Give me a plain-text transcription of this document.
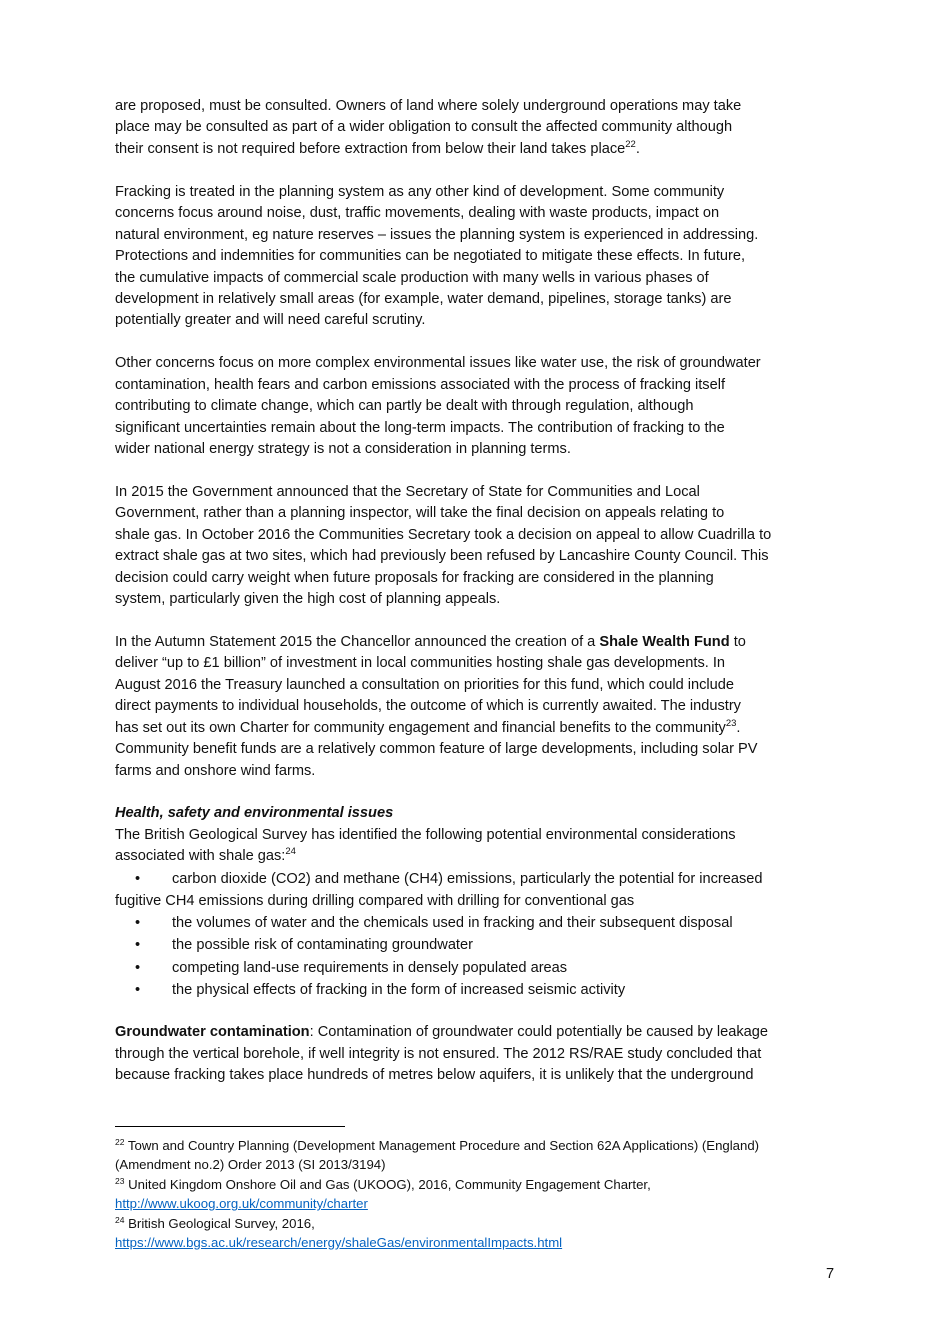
are proposed, must be consulted. Owners of land where solely underground operations may take
place may be consulted as part of a wider obligation to consult the affected community although
their consent is not required before extraction from below their land takes place$^{22}$.
Fracking is treated in the planning system as any other kind of development. Some community
concerns focus around noise, dust, traffic movements, dealing with waste products, impact on
natural environment, eg nature reserves – issues the planning system is experienced in addressing.
Protections and indemnities for communities can be negotiated to mitigate these effects. In future,
the cumulative impacts of commercial scale production with many wells in various phases of
development in relatively small areas (for example, water demand, pipelines, storage tanks) are
potentially greater and will need careful scrutiny.
Other concerns focus on more complex environmental issues like water use, the risk of groundwater
contamination, health fears and carbon emissions associated with the process of fracking itself
contributing to climate change, which can partly be dealt with through regulation, although
significant uncertainties remain about the long-term impacts. The contribution of fracking to the
wider national energy strategy is not a consideration in planning terms.
In 2015 the Government announced that the Secretary of State for Communities and Local
Government, rather than a planning inspector, will take the final decision on appeals relating to
shale gas. In October 2016 the Communities Secretary took a decision on appeal to allow Cuadrilla to
extract shale gas at two sites, which had previously been refused by Lancashire County Council. This
decision could carry weight when future proposals for fracking are considered in the planning
system, particularly given the high cost of planning appeals.
In the Autumn Statement 2015 the Chancellor announced the creation of a Shale Wealth Fund to
deliver “up to £1 billion” of investment in local communities hosting shale gas developments. In
August 2016 the Treasury launched a consultation on priorities for this fund, which could include
direct payments to individual households, the outcome of which is currently awaited. The industry
has set out its own Charter for community engagement and financial benefits to the community$^{23}$.
Community benefit funds are a relatively common feature of large developments, including solar PV
farms and onshore wind farms.
Health, safety and environmental issues
The British Geological Survey has identified the following potential environmental considerations
associated with shale gas:$^{24}$
• carbon dioxide (CO2) and methane (CH4) emissions, particularly the potential for increased
fugitive CH4 emissions during drilling compared with drilling for conventional gas
• the volumes of water and the chemicals used in fracking and their subsequent disposal
• the possible risk of contaminating groundwater
• competing land-use requirements in densely populated areas
• the physical effects of fracking in the form of increased seismic activity
Groundwater contamination: Contamination of groundwater could potentially be caused by leakage
through the vertical borehole, if well integrity is not ensured. The 2012 RS/RAE study concluded that
because fracking takes place hundreds of metres below aquifers, it is unlikely that the underground
$^{22}$ Town and Country Planning (Development Management Procedure and Section 62A Applications) (England)
(Amendment no.2) Order 2013 (SI 2013/3194)
$^{23}$ United Kingdom Onshore Oil and Gas (UKOOG), 2016, Community Engagement Charter,
http://www.ukoog.org.uk/community/charter
$^{24}$ British Geological Survey, 2016,
https://www.bgs.ac.uk/research/energy/shaleGas/environmentalImpacts.html
7
